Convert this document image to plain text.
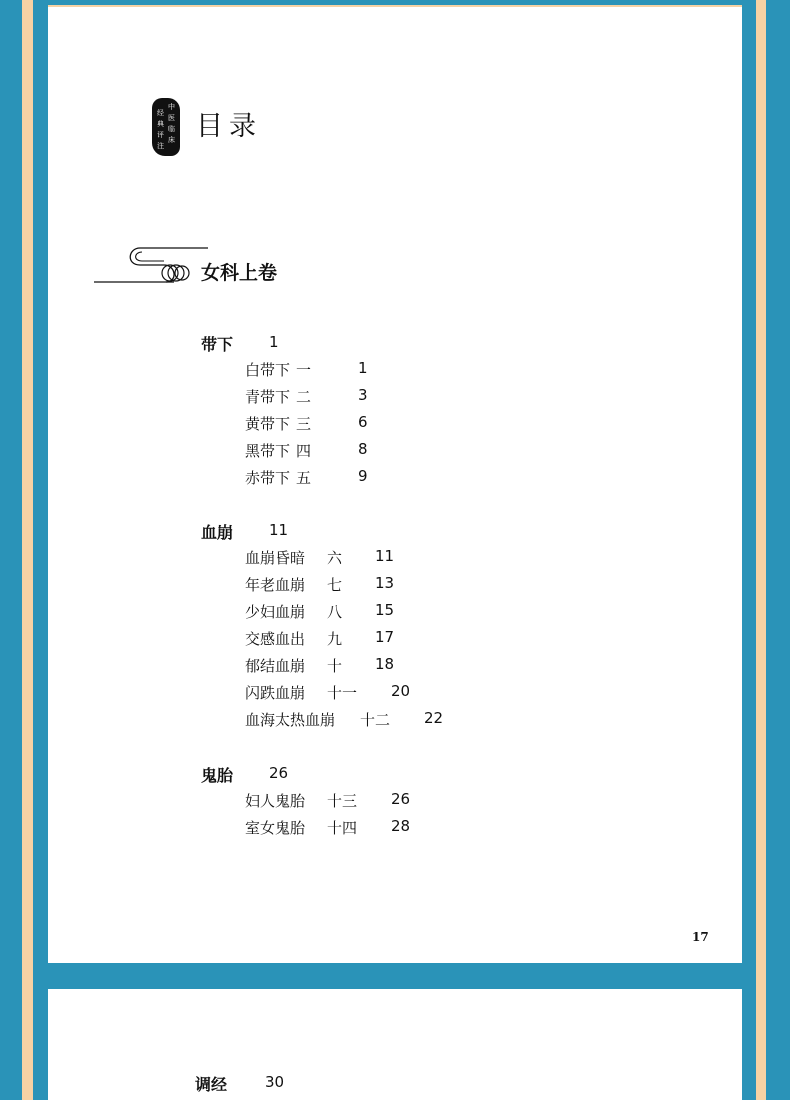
中
医
临
床
经
典
评
注
目录
女科上卷
带下 1
白带下 一	1
青带下 二	3
黄带下 三	6
黑带下 四	8
赤带下 五	9
血崩 11
血崩昏暗 六 11
年老血崩 七 13
少妇血崩 八 15
交感血出 九 17
郁结血崩 十 18
闪跌血崩 十一 20
血海太热血崩 十二 22
鬼胎 26
妇人鬼胎 十三 26
室女鬼胎 十四 28
17
调经	30
